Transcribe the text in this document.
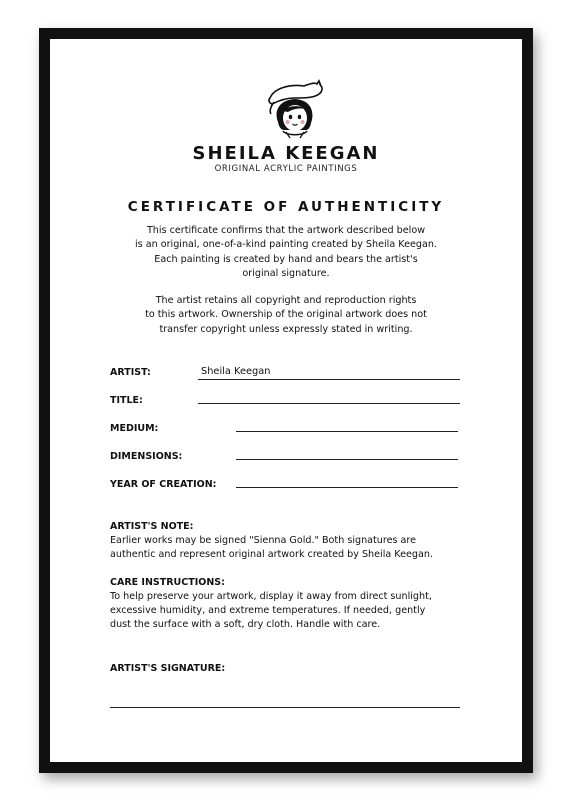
SHEILA KEEGAN
ORIGINAL ACRYLIC PAINTINGS
CERTIFICATE OF AUTHENTICITY
This certificate confirms that the artwork described below
is an original, one-of-a-kind painting created by Sheila Keegan.
Each painting is created by hand and bears the artist's
original signature.
The artist retains all copyright and reproduction rights
to this artwork. Ownership of the original artwork does not
transfer copyright unless expressly stated in writing.
ARTIST:	Sheila Keegan
TITLE:
MEDIUM:
DIMENSIONS:
YEAR OF CREATION:
ARTIST'S NOTE:
Earlier works may be signed "Sienna Gold." Both signatures are
authentic and represent original artwork created by Sheila Keegan.
CARE INSTRUCTIONS:
To help preserve your artwork, display it away from direct sunlight,
excessive humidity, and extreme temperatures. If needed, gently
dust the surface with a soft, dry cloth. Handle with care.
ARTIST'S SIGNATURE:
